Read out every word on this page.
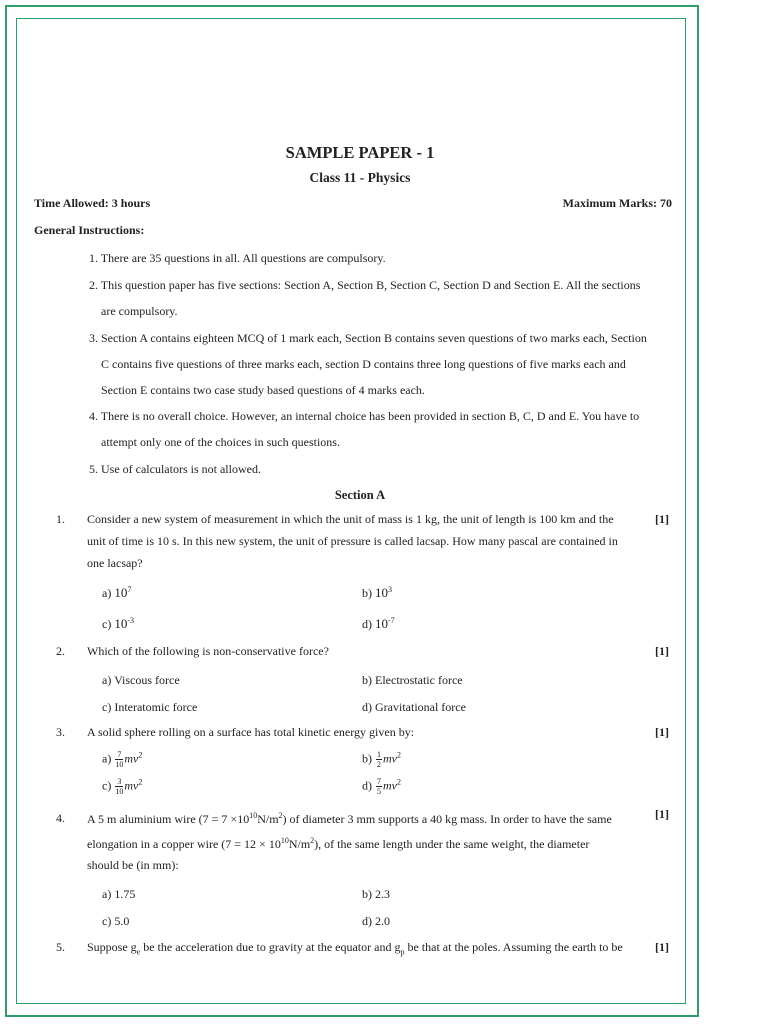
SAMPLE PAPER - 1
Class 11 - Physics
Time Allowed: 3 hours	Maximum Marks: 70
General Instructions:
1. There are 35 questions in all. All questions are compulsory.
2. This question paper has five sections: Section A, Section B, Section C, Section D and Section E. All the sections
are compulsory.
3. Section A contains eighteen MCQ of 1 mark each, Section B contains seven questions of two marks each, Section
C contains five questions of three marks each, section D contains three long questions of five marks each and
Section E contains two case study based questions of 4 marks each.
4. There is no overall choice. However, an internal choice has been provided in section B, C, D and E. You have to
attempt only one of the choices in such questions.
5. Use of calculators is not allowed.
Section A
1. Consider a new system of measurement in which the unit of mass is 1 kg, the unit of length is 100 km and the
unit of time is 10 s. In this new system, the unit of pressure is called lacsap. How many pascal are contained in
one lacsap?
[1]
a) $10^7$	b) $10^3$
c) $10^{-3}$	d) $10^{-7}$
2. Which of the following is non-conservative force?	[1]
a) Viscous force	b) Electrostatic force
c) Interatomic force	d) Gravitational force
3. A solid sphere rolling on a surface has total kinetic energy given by:	[1]
$a) \frac{7}{10} mv^2$	$b) \frac{1}{2} mv^2$
$c) \frac{3}{10} mv^2$	$d) \frac{7}{5} mv^2$
4. A 5 m aluminium wire $(7 = 7 \times 10^{10}N/m^2)$ of diameter 3 mm supports a 40 kg mass. In order to have the same
elongation in a copper wire $(7 = 12 \times 10^{10}N/m^2)$, of the same length under the same weight, the diameter
should be (in mm):
[1]
a) 1.75	b) 2.3
c) 5.0	d) 2.0
5. Suppose $g_e$ be the acceleration due to gravity at the equator and $g_p$ be that at the poles. Assuming the earth to be	[1]
